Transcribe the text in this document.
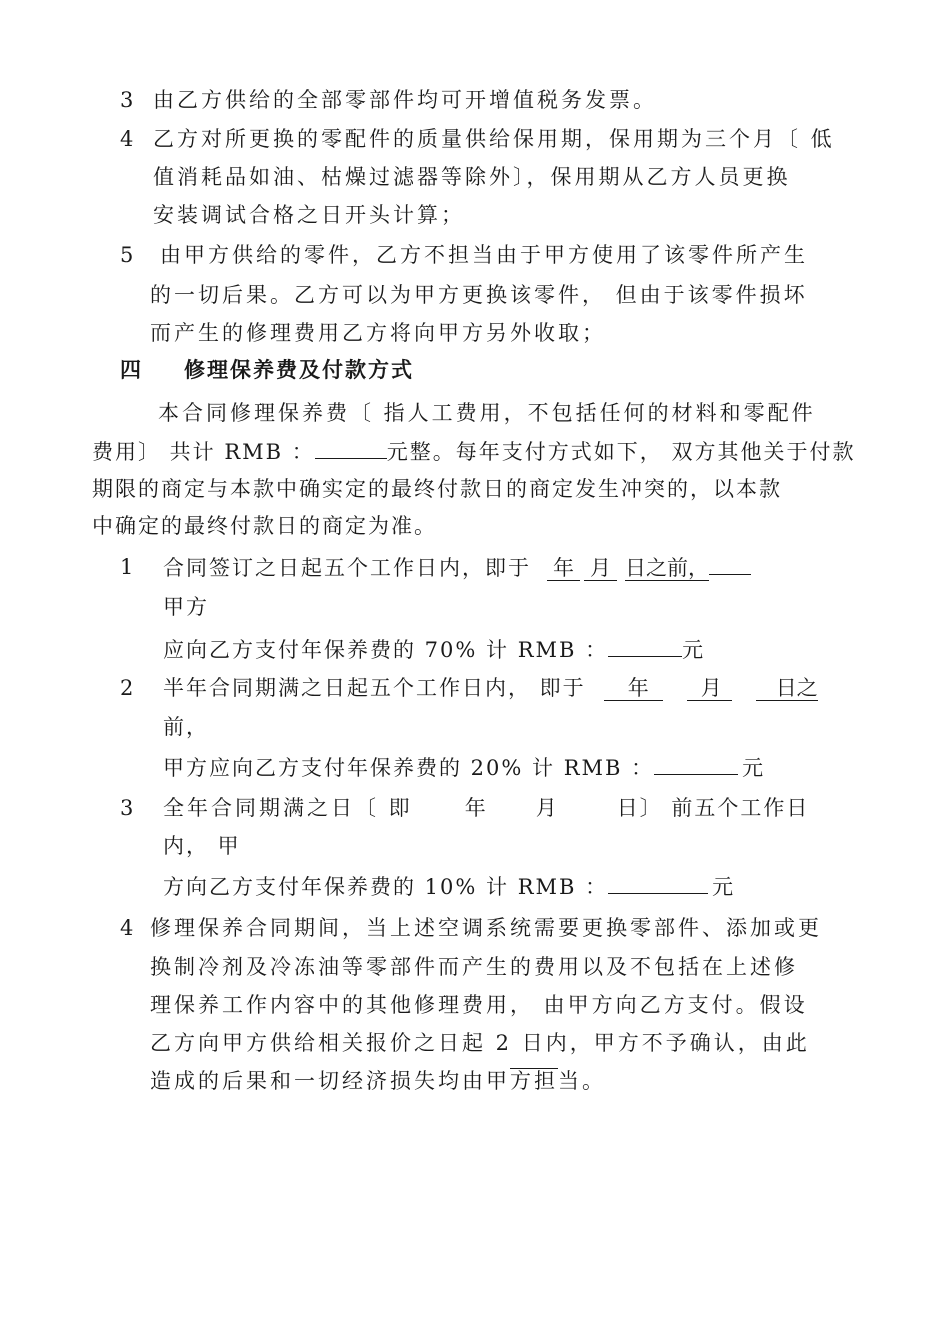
3 由乙方供给的全部零部件均可开增值税务发票。
4 乙方对所更换的零配件的质量供给保用期，保用期为三个月〔 低
值消耗品如油、枯燥过滤器等除外〕，保用期从乙方人员更换
安装调试合格之日开头计算；
5 由甲方供给的零件，乙方不担当由于甲方使用了该零件所产生
的一切后果。乙方可以为甲方更换该零件， 但由于该零件损坏
而产生的修理费用乙方将向甲方另外收取；
四 修理保养费及付款方式
本合同修理保养费〔 指人工费用，不包括任何的材料和零配件
费用〕 共计 RMB ：	元整。每年支付方式如下， 双方其他关于付款
期限的商定与本款中确实定的最终付款日的商定发生冲突的，以本款
中确定的最终付款日的商定为准。
1 合同签订之日起五个工作日内，即于 年 月 日之前，
甲方
应向乙方支付年保养费的 70% 计 RMB ：	元
2 半年合同期满之日起五个工作日内， 即于 年 月	日之
前，
甲方应向乙方支付年保养费的 20% 计 RMB ：	元
3 全年合同期满之日〔 即 年 月	日〕 前五个工作日
内， 甲
方向乙方支付年保养费的 10% 计 RMB ：	元
4 修理保养合同期间，当上述空调系统需要更换零部件、添加或更
换制冷剂及冷冻油等零部件而产生的费用以及不包括在上述修
理保养工作内容中的其他修理费用， 由甲方向乙方支付。假设
乙方向甲方供给相关报价之日起 2 日内，甲方不予确认，由此
造成的后果和一切经济损失均由甲方担当。
